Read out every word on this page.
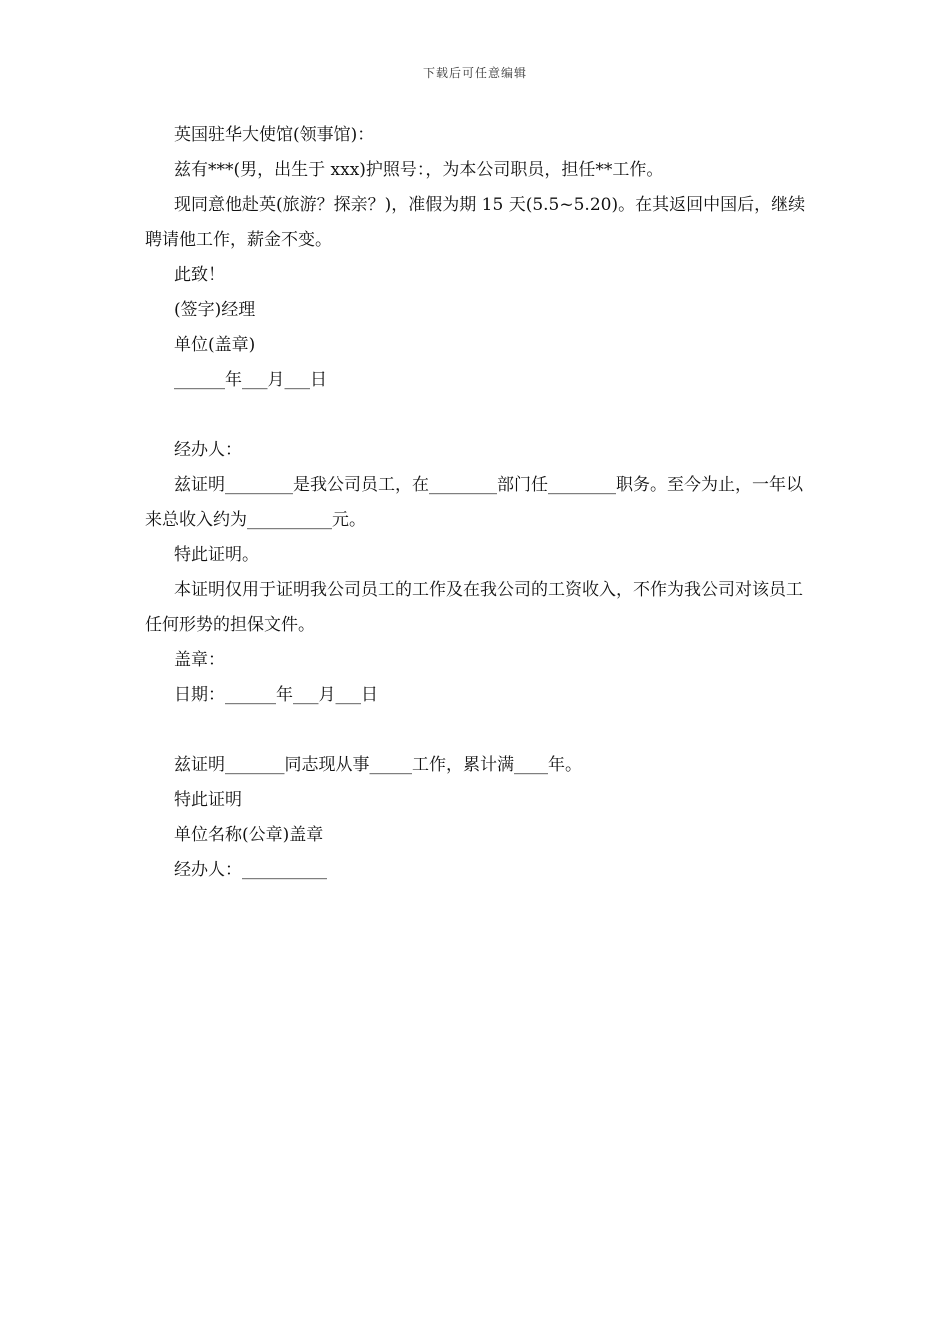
下载后可任意编辑

英国驻华大使馆(领事馆)：

兹有***(男，出生于 xxx)护照号：，为本公司职员，担任**工作。

现同意他赴英(旅游？探亲？)，准假为期 15 天(5.5~5.20)。在其返回中国后，继续聘请他工作，薪金不变。

此致！

(签字)经理

单位(盖章)

______年___月___日

经办人：

兹证明________是我公司员工，在________部门任________职务。至今为止，一年以来总收入约为__________元。

特此证明。

本证明仅用于证明我公司员工的工作及在我公司的工资收入，不作为我公司对该员工任何形势的担保文件。

盖章：

日期：______年___月___日

兹证明_______同志现从事_____工作，累计满____年。

特此证明

单位名称(公章)盖章

经办人：__________
